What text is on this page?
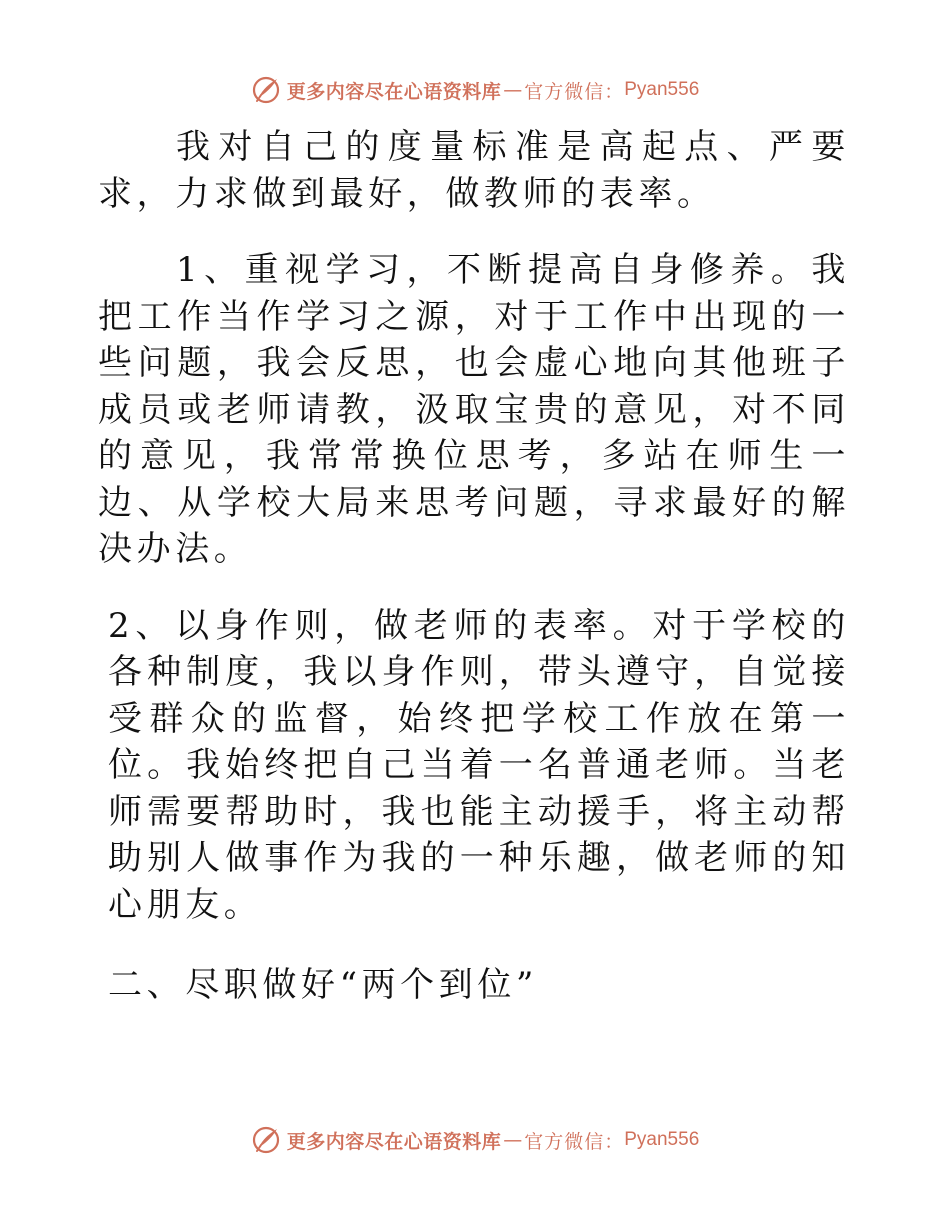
更多内容尽在心语资料库 — 官方微信： Pyan556

我对自己的度量标准是高起点、严要求，力求做到最好，做教师的表率。

1、重视学习，不断提高自身修养。我把工作当作学习之源，对于工作中出现的一些问题，我会反思，也会虚心地向其他班子成员或老师请教，汲取宝贵的意见，对不同的意见，我常常换位思考，多站在师生一边、从学校大局来思考问题，寻求最好的解决办法。

2、以身作则，做老师的表率。对于学校的各种制度，我以身作则，带头遵守，自觉接受群众的监督，始终把学校工作放在第一位。我始终把自己当着一名普通老师。当老师需要帮助时，我也能主动援手，将主动帮助别人做事作为我的一种乐趣，做老师的知心朋友。

二、尽职做好“两个到位”

更多内容尽在心语资料库 — 官方微信： Pyan556
